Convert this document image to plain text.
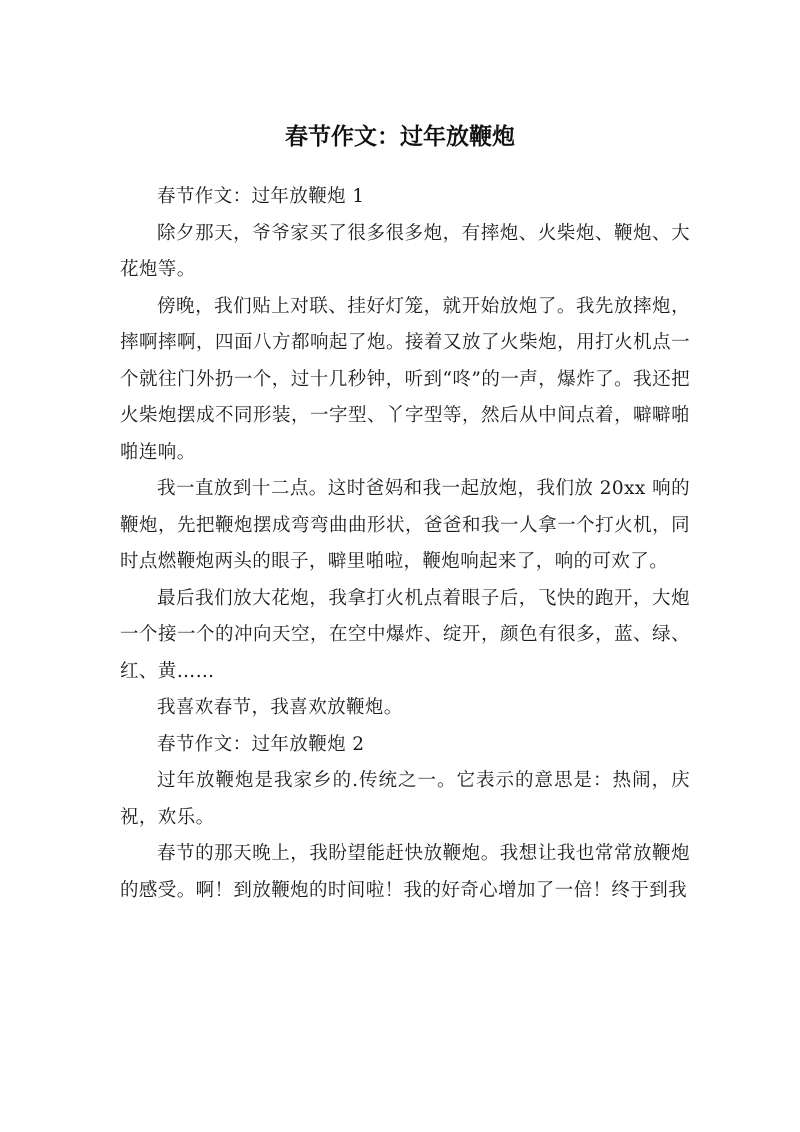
春节作文：过年放鞭炮

春节作文：过年放鞭炮 1

除夕那天，爷爷家买了很多很多炮，有摔炮、火柴炮、鞭炮、大花炮等。

傍晚，我们贴上对联、挂好灯笼，就开始放炮了。我先放摔炮，摔啊摔啊，四面八方都响起了炮。接着又放了火柴炮，用打火机点一个就往门外扔一个，过十几秒钟，听到“咚”的一声，爆炸了。我还把火柴炮摆成不同形装，一字型、丫字型等，然后从中间点着，噼噼啪啪连响。

我一直放到十二点。这时爸妈和我一起放炮，我们放 20xx 响的鞭炮，先把鞭炮摆成弯弯曲曲形状，爸爸和我一人拿一个打火机，同时点燃鞭炮两头的眼子，噼里啪啦，鞭炮响起来了，响的可欢了。

最后我们放大花炮，我拿打火机点着眼子后，飞快的跑开，大炮一个接一个的冲向天空，在空中爆炸、绽开，颜色有很多，蓝、绿、红、黄……

我喜欢春节，我喜欢放鞭炮。

春节作文：过年放鞭炮 2

过年放鞭炮是我家乡的.传统之一。它表示的意思是：热闹，庆祝，欢乐。

春节的那天晚上，我盼望能赶快放鞭炮。我想让我也常常放鞭炮的感受。啊！到放鞭炮的时间啦！我的好奇心增加了一倍！终于到我
